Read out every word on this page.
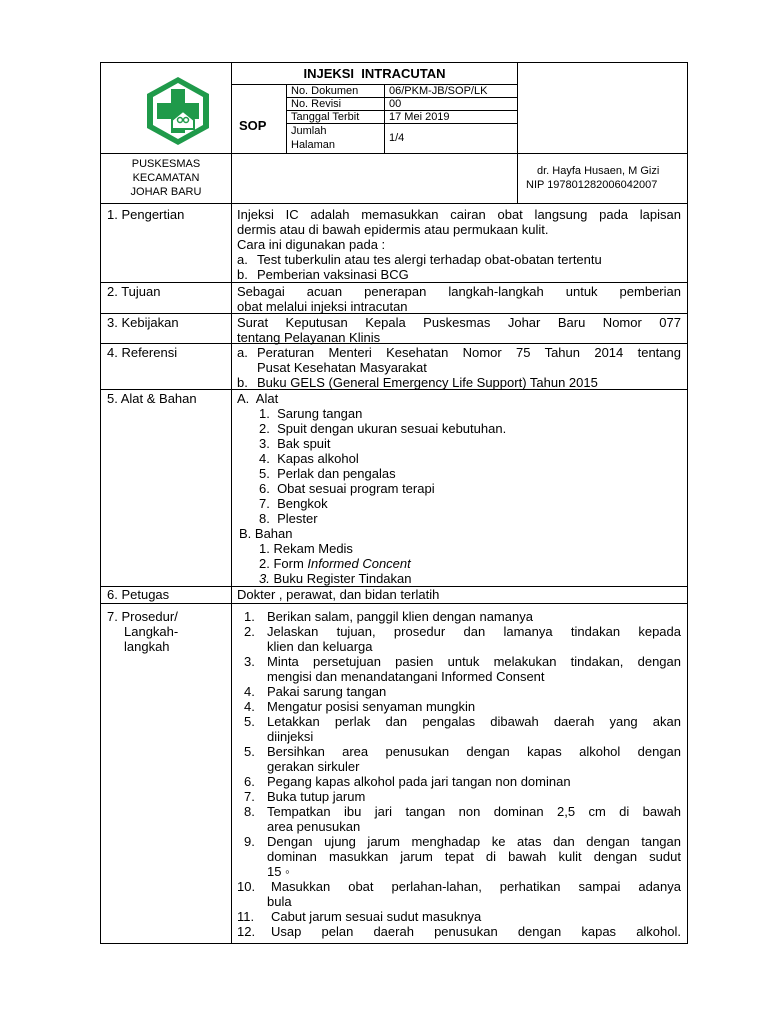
INJEKSI  INTRACUTAN
SOP
No. Dokumen	06/PKM-JB/SOP/LK
No. Revisi	00
Tanggal Terbit	17 Mei 2019
Jumlah
Halaman
1/4
PUSKESMAS
KECAMATAN
JOHAR BARU
dr. Hayfa Husaen, M Gizi
NIP 197801282006042007
1. Pengertian	Injeksi IC adalah memasukkan cairan obat langsung pada lapisan
dermis atau di bawah epidermis atau permukaan kulit.
Cara ini digunakan pada :
a. Test tuberkulin atau tes alergi terhadap obat-obatan tertentu
b. Pemberian vaksinasi BCG
2. Tujuan	Sebagai  acuan  penerapan  langkah-langkah  untuk  pemberian
obat melalui injeksi intracutan
3. Kebijakan	Surat  Keputusan  Kepala  Puskesmas  Johar  Baru  Nomor  077
tentang Pelayanan Klinis
4. Referensi	a. Peraturan Menteri Kesehatan Nomor 75 Tahun 2014 tentang
Pusat Kesehatan Masyarakat
b. Buku GELS (General Emergency Life Support) Tahun 2015
5. Alat & Bahan	A.  Alat
1.  Sarung tangan
2.  Spuit dengan ukuran sesuai kebutuhan.
3.  Bak spuit
4.  Kapas alkohol
5.  Perlak dan pengalas
6.  Obat sesuai program terapi
7.  Bengkok
8.  Plester
B. Bahan
1. Rekam Medis
2. Form Informed Concent
3. Buku Register Tindakan
6. Petugas	Dokter , perawat, dan bidan terlatih
7. Prosedur/
Langkah-
langkah
1. Berikan salam, panggil klien dengan namanya
2. Jelaskan tujuan, prosedur dan lamanya tindakan kepada
klien dan keluarga
3. Minta persetujuan pasien untuk melakukan tindakan, dengan
mengisi dan menandatangani Informed Consent
4. Pakai sarung tangan
4. Mengatur posisi senyaman mungkin
5. Letakkan perlak dan pengalas dibawah daerah yang akan
diinjeksi
5. Bersihkan area penusukan dengan kapas alkohol dengan
gerakan sirkuler
6. Pegang kapas alkohol pada jari tangan non dominan
7. Buka tutup jarum
8. Tempatkan ibu jari tangan non dominan 2,5 cm di bawah
area penusukan
9. Dengan ujung jarum menghadap ke atas dan dengan tangan
dominan masukkan jarum tepat di bawah kulit dengan sudut
15 ◦
10. Masukkan obat perlahan-lahan, perhatikan sampai adanya
bula
11. Cabut jarum sesuai sudut masuknya
12. Usap pelan daerah penusukan dengan kapas alkohol.
